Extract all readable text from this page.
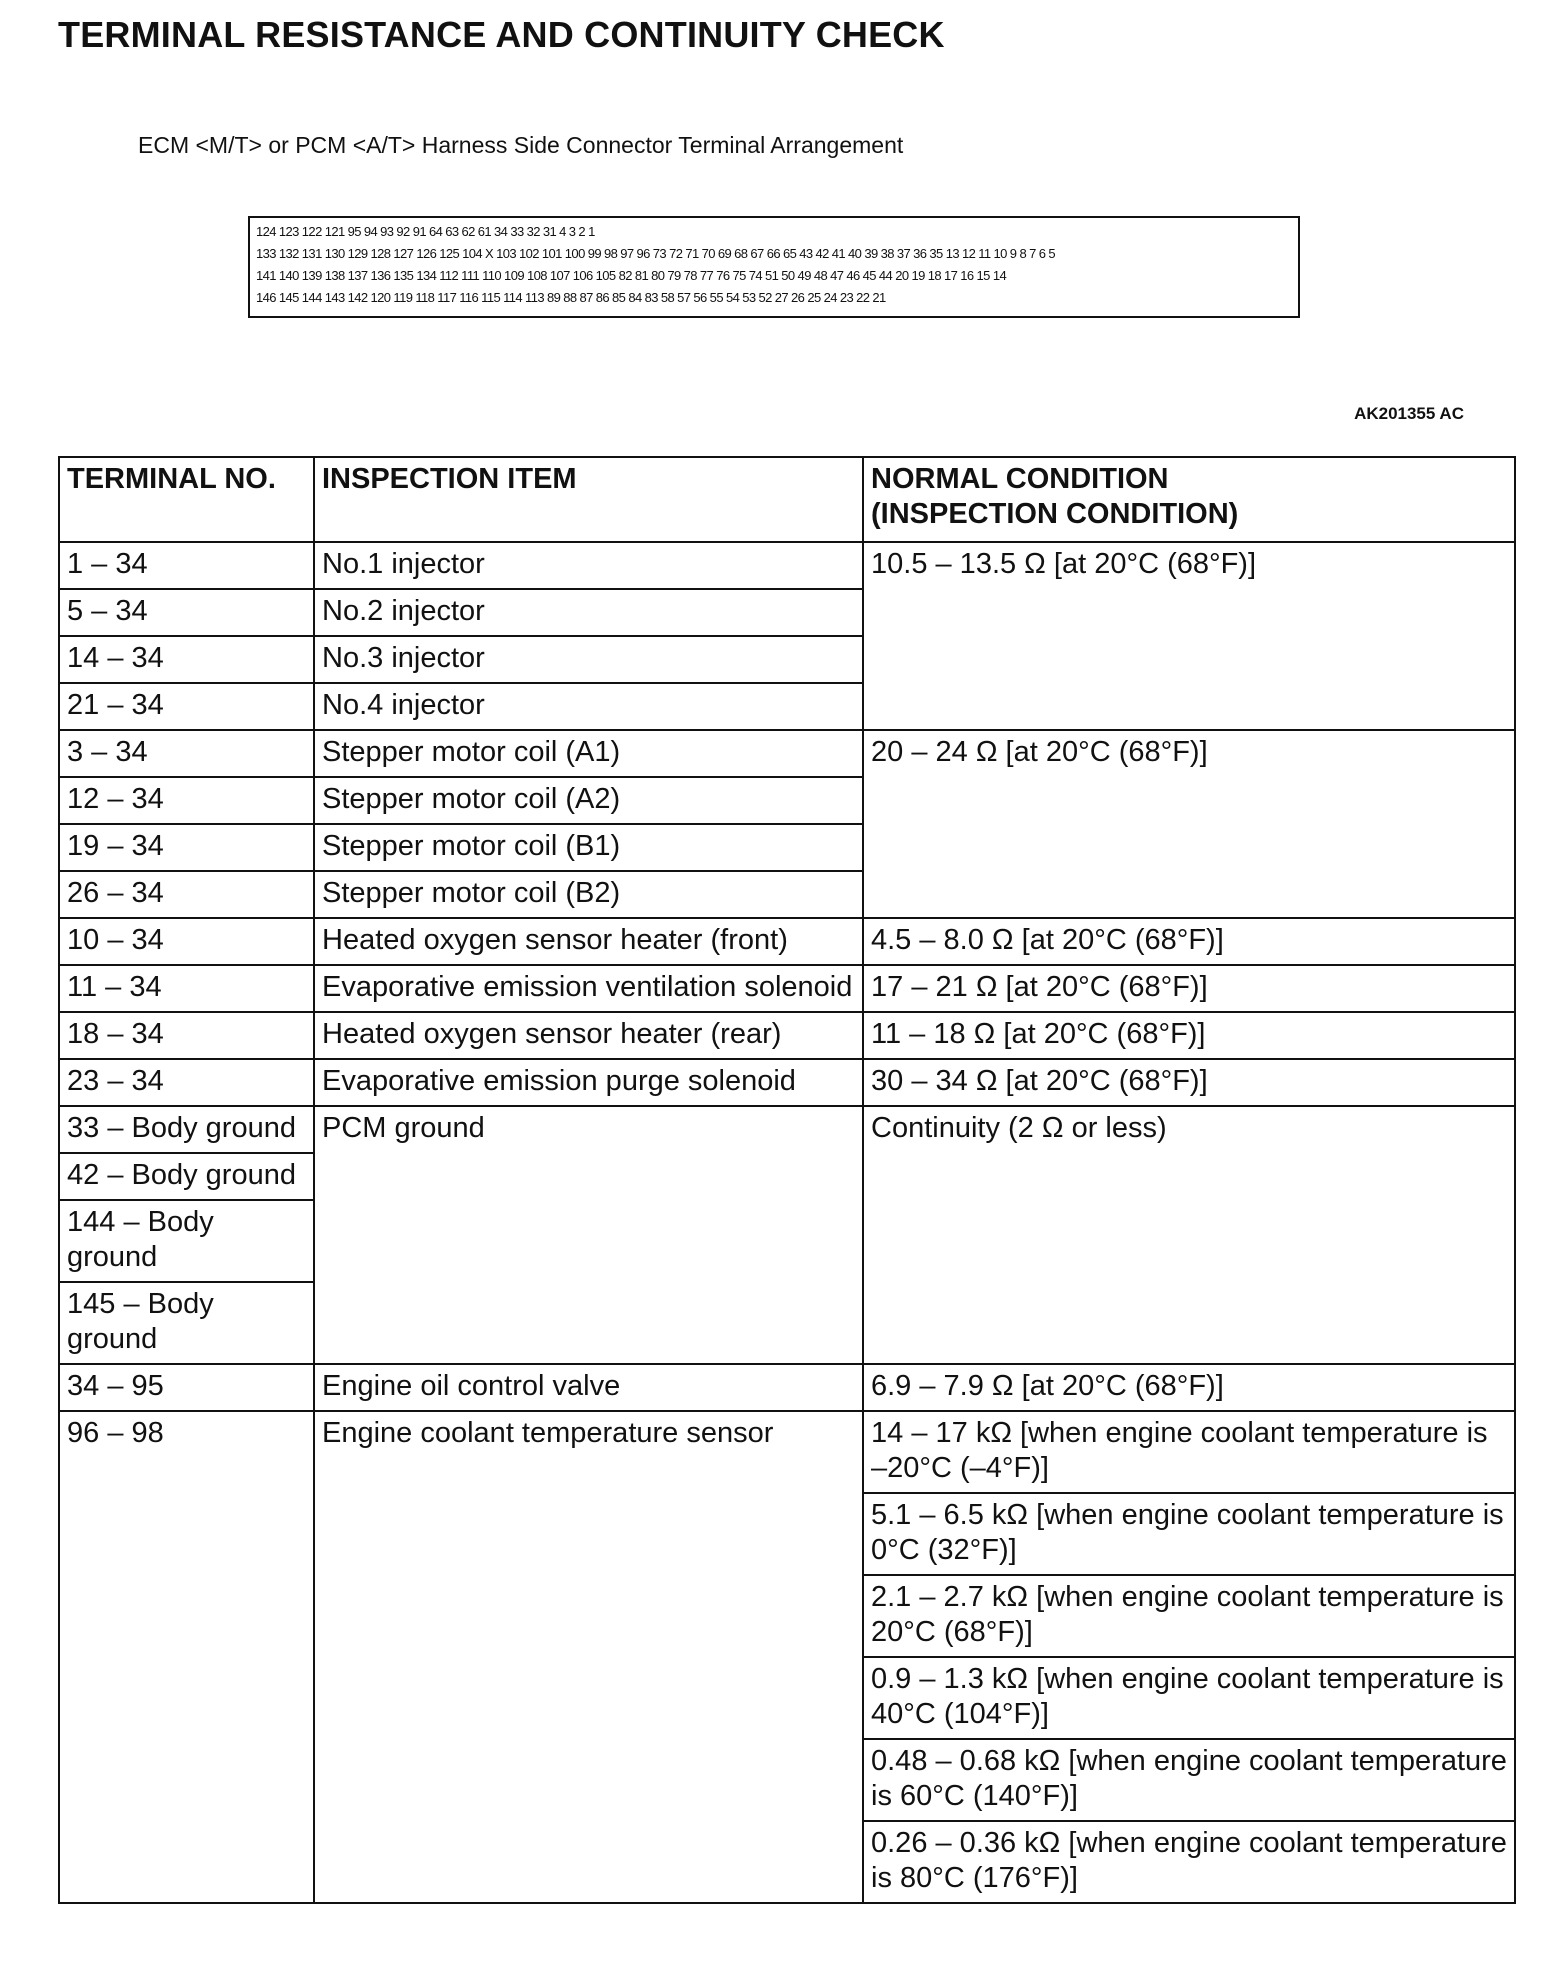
TERMINAL RESISTANCE AND CONTINUITY CHECK
ECM <M/T> or PCM <A/T> Harness Side Connector Terminal Arrangement
124 123 122 121 95 94 93 92 91 64 63 62 61 34 33 32 31 4 3 2 1
133 132 131 130 129 128 127 126 125 104 X 103 102 101 100 99 98 97 96 73 72 71 70 69 68 67 66 65 43 42 41 40 39 38 37 36 35 13 12 11 10 9 8 7 6 5
141 140 139 138 137 136 135 134 112 111 110 109 108 107 106 105 82 81 80 79 78 77 76 75 74 51 50 49 48 47 46 45 44 20 19 18 17 16 15 14
146 145 144 143 142 120 119 118 117 116 115 114 113 89 88 87 86 85 84 83 58 57 56 55 54 53 52 27 26 25 24 23 22 21
AK201355 AC
TERMINAL NO.	INSPECTION ITEM	NORMAL CONDITION
(INSPECTION CONDITION)
1 – 34	No.1 injector	10.5 – 13.5 Ω [at 20°C (68°F)]
5 – 34	No.2 injector	
14 – 34	No.3 injector	
21 – 34	No.4 injector	
3 – 34	Stepper motor coil (A1)	20 – 24 Ω [at 20°C (68°F)]
12 – 34	Stepper motor coil (A2)	
19 – 34	Stepper motor coil (B1)	
26 – 34	Stepper motor coil (B2)	
10 – 34	Heated oxygen sensor heater (front)	4.5 – 8.0 Ω [at 20°C (68°F)]
11 – 34	Evaporative emission ventilation solenoid	17 – 21 Ω [at 20°C (68°F)]
18 – 34	Heated oxygen sensor heater (rear)	11 – 18 Ω [at 20°C (68°F)]
23 – 34	Evaporative emission purge solenoid	30 – 34 Ω [at 20°C (68°F)]
33 – Body ground	PCM ground	Continuity (2 Ω or less)
42 – Body ground		
144 – Body ground		
145 – Body ground		
34 – 95	Engine oil control valve	6.9 – 7.9 Ω [at 20°C (68°F)]
96 – 98	Engine coolant temperature sensor	14 – 17 kΩ [when engine coolant temperature is –20°C (–4°F)]
		5.1 – 6.5 kΩ [when engine coolant temperature is 0°C (32°F)]
		2.1 – 2.7 kΩ [when engine coolant temperature is 20°C (68°F)]
		0.9 – 1.3 kΩ [when engine coolant temperature is 40°C (104°F)]
		0.48 – 0.68 kΩ [when engine coolant temperature is 60°C (140°F)]
		0.26 – 0.36 kΩ [when engine coolant temperature is 80°C (176°F)]
